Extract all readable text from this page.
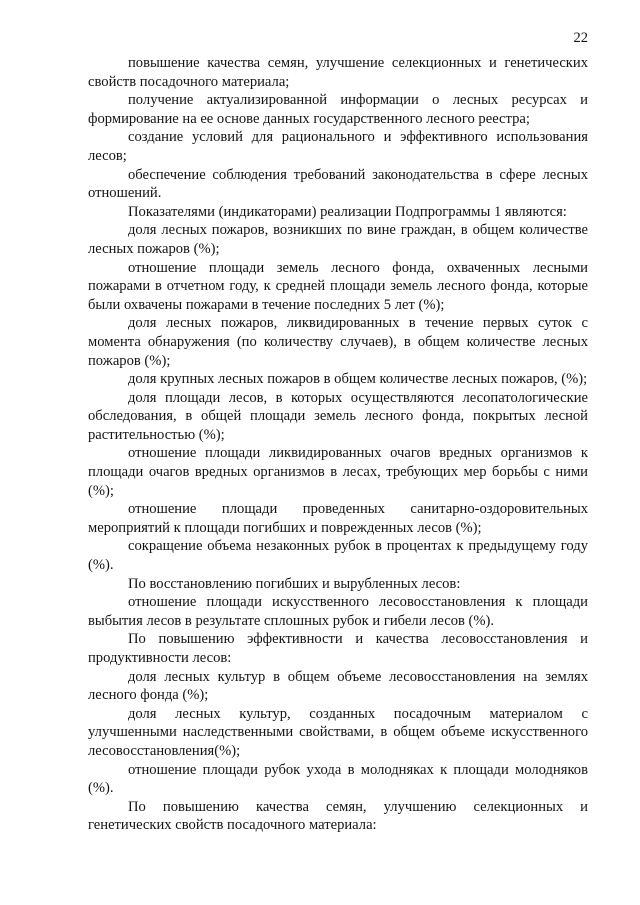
22

повышение качества семян, улучшение селекционных и генетических свойств посадочного материала;

получение актуализированной информации о лесных ресурсах и формирование на ее основе данных государственного лесного реестра;

создание условий для рационального и эффективного использования лесов;

обеспечение соблюдения требований законодательства в сфере лесных отношений.

Показателями (индикаторами) реализации Подпрограммы 1 являются:

доля лесных пожаров, возникших по вине граждан, в общем количестве лесных пожаров (%);

отношение площади земель лесного фонда, охваченных лесными пожарами в отчетном году, к средней площади земель лесного фонда, которые были охвачены пожарами в течение последних 5 лет (%);

доля лесных пожаров, ликвидированных в течение первых суток с момента обнаружения (по количеству случаев), в общем количестве лесных пожаров (%);

доля крупных лесных пожаров в общем количестве лесных пожаров, (%);

доля площади лесов, в которых осуществляются лесопатологические обследования, в общей площади земель лесного фонда, покрытых лесной растительностью (%);

отношение площади ликвидированных очагов вредных организмов к площади очагов вредных организмов в лесах, требующих мер борьбы с ними (%);

отношение площади проведенных санитарно-оздоровительных мероприятий к площади погибших и поврежденных лесов (%);

сокращение объема незаконных рубок в процентах к предыдущему году (%).

По восстановлению погибших и вырубленных лесов:

отношение площади искусственного лесовосстановления к площади выбытия лесов в результате сплошных рубок и гибели лесов (%).

По повышению эффективности и качества лесовосстановления и продуктивности лесов:

доля лесных культур в общем объеме лесовосстановления на землях лесного фонда (%);

доля лесных культур, созданных посадочным материалом с улучшенными наследственными свойствами, в общем объеме искусственного лесовосстановления(%);

отношение площади рубок ухода в молодняках к площади молодняков (%).

По повышению качества семян, улучшению селекционных и генетических свойств посадочного материала:
